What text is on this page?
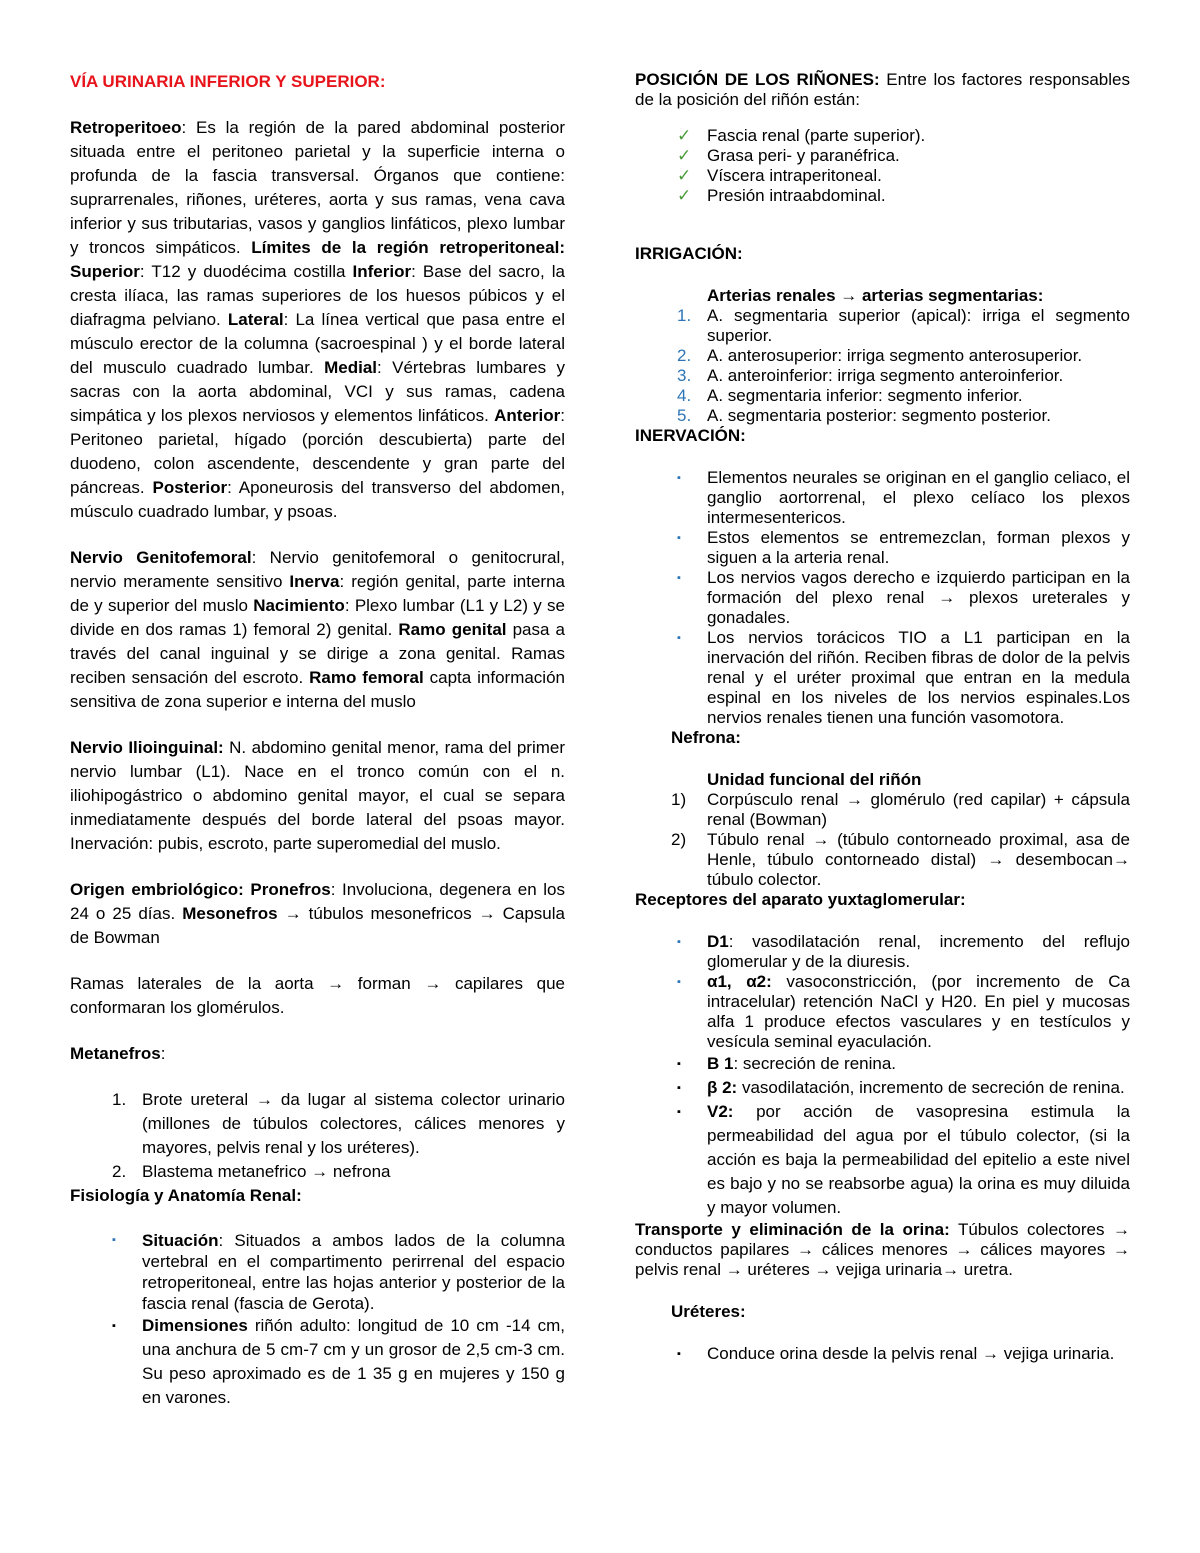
VÍA URINARIA INFERIOR Y SUPERIOR:

Retroperitoeo: Es la región de la pared abdominal posterior situada entre el peritoneo parietal y la superficie interna o profunda de la fascia transversal. Órganos que contiene: suprarrenales, riñones, uréteres, aorta y sus ramas, vena cava inferior y sus tributarias, vasos y ganglios linfáticos, plexo lumbar y troncos simpáticos. Límites de la región retroperitoneal: Superior: T12 y duodécima costilla Inferior: Base del sacro, la cresta ilíaca, las ramas superiores de los huesos púbicos y el diafragma pelviano. Lateral: La línea vertical que pasa entre el músculo erector de la columna (sacroespinal ) y el borde lateral del musculo cuadrado lumbar. Medial: Vértebras lumbares y sacras con la aorta abdominal, VCI y sus ramas, cadena simpática y los plexos nerviosos y elementos linfáticos. Anterior: Peritoneo parietal, hígado (porción descubierta) parte del duodeno, colon ascendente, descendente y gran parte del páncreas. Posterior: Aponeurosis del transverso del abdomen, músculo cuadrado lumbar, y psoas.

Nervio Genitofemoral: Nervio genitofemoral o genitocrural, nervio meramente sensitivo Inerva: región genital, parte interna de y superior del muslo Nacimiento: Plexo lumbar (L1 y L2) y se divide en dos ramas 1) femoral 2) genital. Ramo genital pasa a través del canal inguinal y se dirige a zona genital. Ramas reciben sensación del escroto. Ramo femoral capta información sensitiva de zona superior e interna del muslo

Nervio Ilioinguinal: N. abdomino genital menor, rama del primer nervio lumbar (L1). Nace en el tronco común con el n. iliohipogástrico o abdomino genital mayor, el cual se separa inmediatamente después del borde lateral del psoas mayor. Inervación: pubis, escroto, parte superomedial del muslo.

Origen embriológico: Pronefros: Involuciona, degenera en los 24 o 25 días. Mesonefros → túbulos mesonefricos → Capsula de Bowman

Ramas laterales de la aorta → forman → capilares que conformaran los glomérulos.

Metanefros:

1. Brote ureteral → da lugar al sistema colector urinario (millones de túbulos colectores, cálices menores y mayores, pelvis renal y los uréteres).
2. Blastema metanefrico → nefrona

Fisiología y Anatomía Renal:

▪	Situación: Situados a ambos lados de la columna vertebral en el compartimento perirrenal del espacio retroperitoneal, entre las hojas anterior y posterior de la fascia renal (fascia de Gerota).
▪	Dimensiones riñón adulto: longitud de 10 cm -14 cm, una anchura de 5 cm-7 cm y un grosor de 2,5 cm-3 cm. Su peso aproximado es de 1 35 g en mujeres y 150 g en varones.

POSICIÓN DE LOS RIÑONES: Entre los factores responsables de la posición del riñón están:

✓ Fascia renal (parte superior).
✓ Grasa peri- y paranéfrica.
✓ Víscera intraperitoneal.
✓ Presión intraabdominal.

IRRIGACIÓN:

Arterias renales → arterias segmentarias:

1. A. segmentaria superior (apical): irriga el segmento superior.
2. A. anterosuperior: irriga segmento anterosuperior.
3. A. anteroinferior: irriga segmento anteroinferior.
4. A. segmentaria inferior: segmento inferior.
5. A. segmentaria posterior: segmento posterior.

INERVACIÓN:

▪	Elementos neurales se originan en el ganglio celiaco, el ganglio aortorrenal, el plexo celíaco los plexos intermesentericos.
▪	Estos elementos se entremezclan, forman plexos y siguen a la arteria renal.
▪	Los nervios vagos derecho e izquierdo participan en la formación del plexo renal → plexos ureterales y gonadales.
▪	Los nervios torácicos TIO a L1 participan en la inervación del riñón. Reciben fibras de dolor de la pelvis renal y el uréter proximal que entran en la medula espinal en los niveles de los nervios espinales.Los nervios renales tienen una función vasomotora.

Nefrona:

Unidad funcional del riñón

1)	Corpúsculo renal → glomérulo (red capilar) + cápsula renal (Bowman)
2)	Túbulo renal → (túbulo contorneado proximal, asa de Henle, túbulo contorneado distal) → desembocan→ túbulo colector.

Receptores del aparato yuxtaglomerular:

▪	D1: vasodilatación renal, incremento del reflujo glomerular y de la diuresis.
▪	α1, α2: vasoconstricción, (por incremento de Ca intracelular) retención NaCl y H20. En piel y mucosas alfa 1 produce efectos vasculares y en testículos y vesícula seminal eyaculación.
▪	B 1: secreción de renina.
▪	β 2: vasodilatación, incremento de secreción de renina.
▪	V2: por acción de vasopresina estimula la permeabilidad del agua por el túbulo colector, (si la acción es baja la permeabilidad del epitelio a este nivel es bajo y no se reabsorbe agua) la orina es muy diluida y mayor volumen.

Transporte y eliminación de la orina: Túbulos colectores → conductos papilares → cálices menores → cálices mayores → pelvis renal → uréteres → vejiga urinaria→ uretra.

Uréteres:

▪	Conduce orina desde la pelvis renal → vejiga urinaria.
